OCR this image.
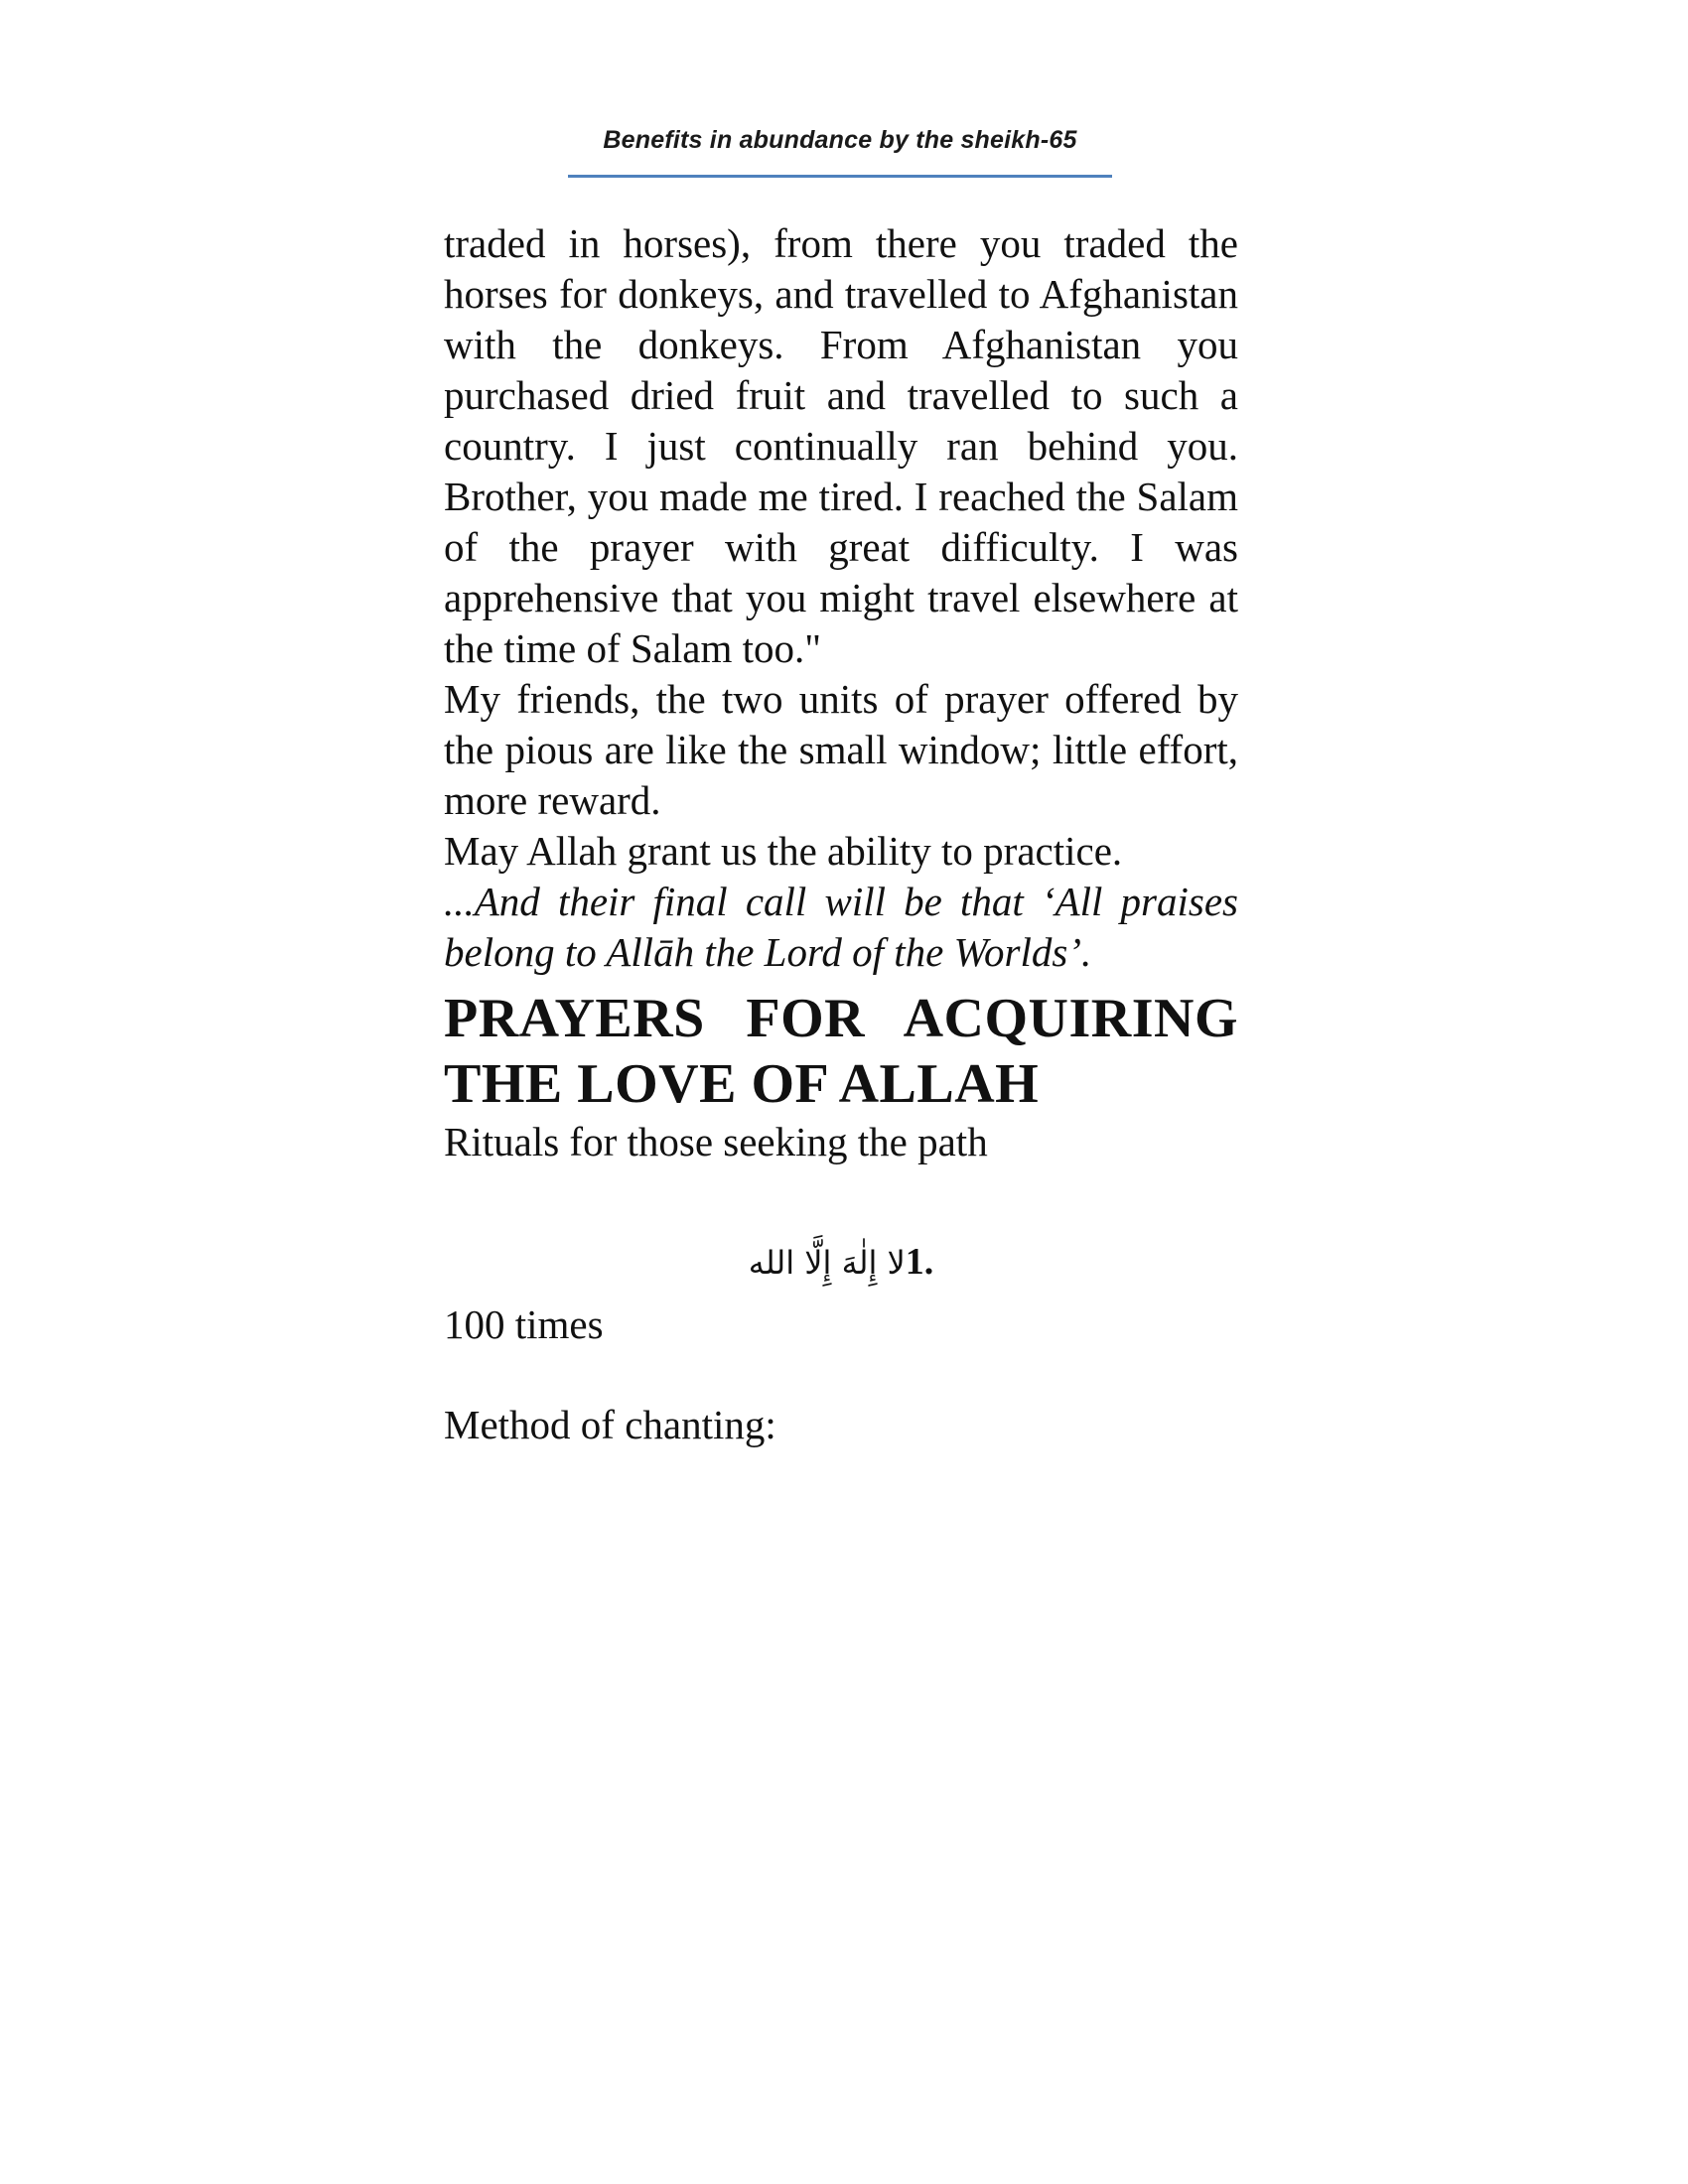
Benefits in abundance by the sheikh-65

traded in horses), from there you traded the horses for donkeys, and travelled to Afghanistan with the donkeys. From Afghanistan you purchased dried fruit and travelled to such a country. I just continually ran behind you. Brother, you made me tired. I reached the Salam of the prayer with great difficulty. I was apprehensive that you might travel elsewhere at the time of Salam too."

My friends, the two units of prayer offered by the pious are like the small window; little effort, more reward.

May Allah grant us the ability to practice.

...And their final call will be that ‘All praises belong to Allāh the Lord of the Worlds’.

PRAYERS FOR ACQUIRING THE LOVE OF ALLAH

Rituals for those seeking the path

لا إِلٰهَ إِلَّا الله1.

100 times

Method of chanting:
